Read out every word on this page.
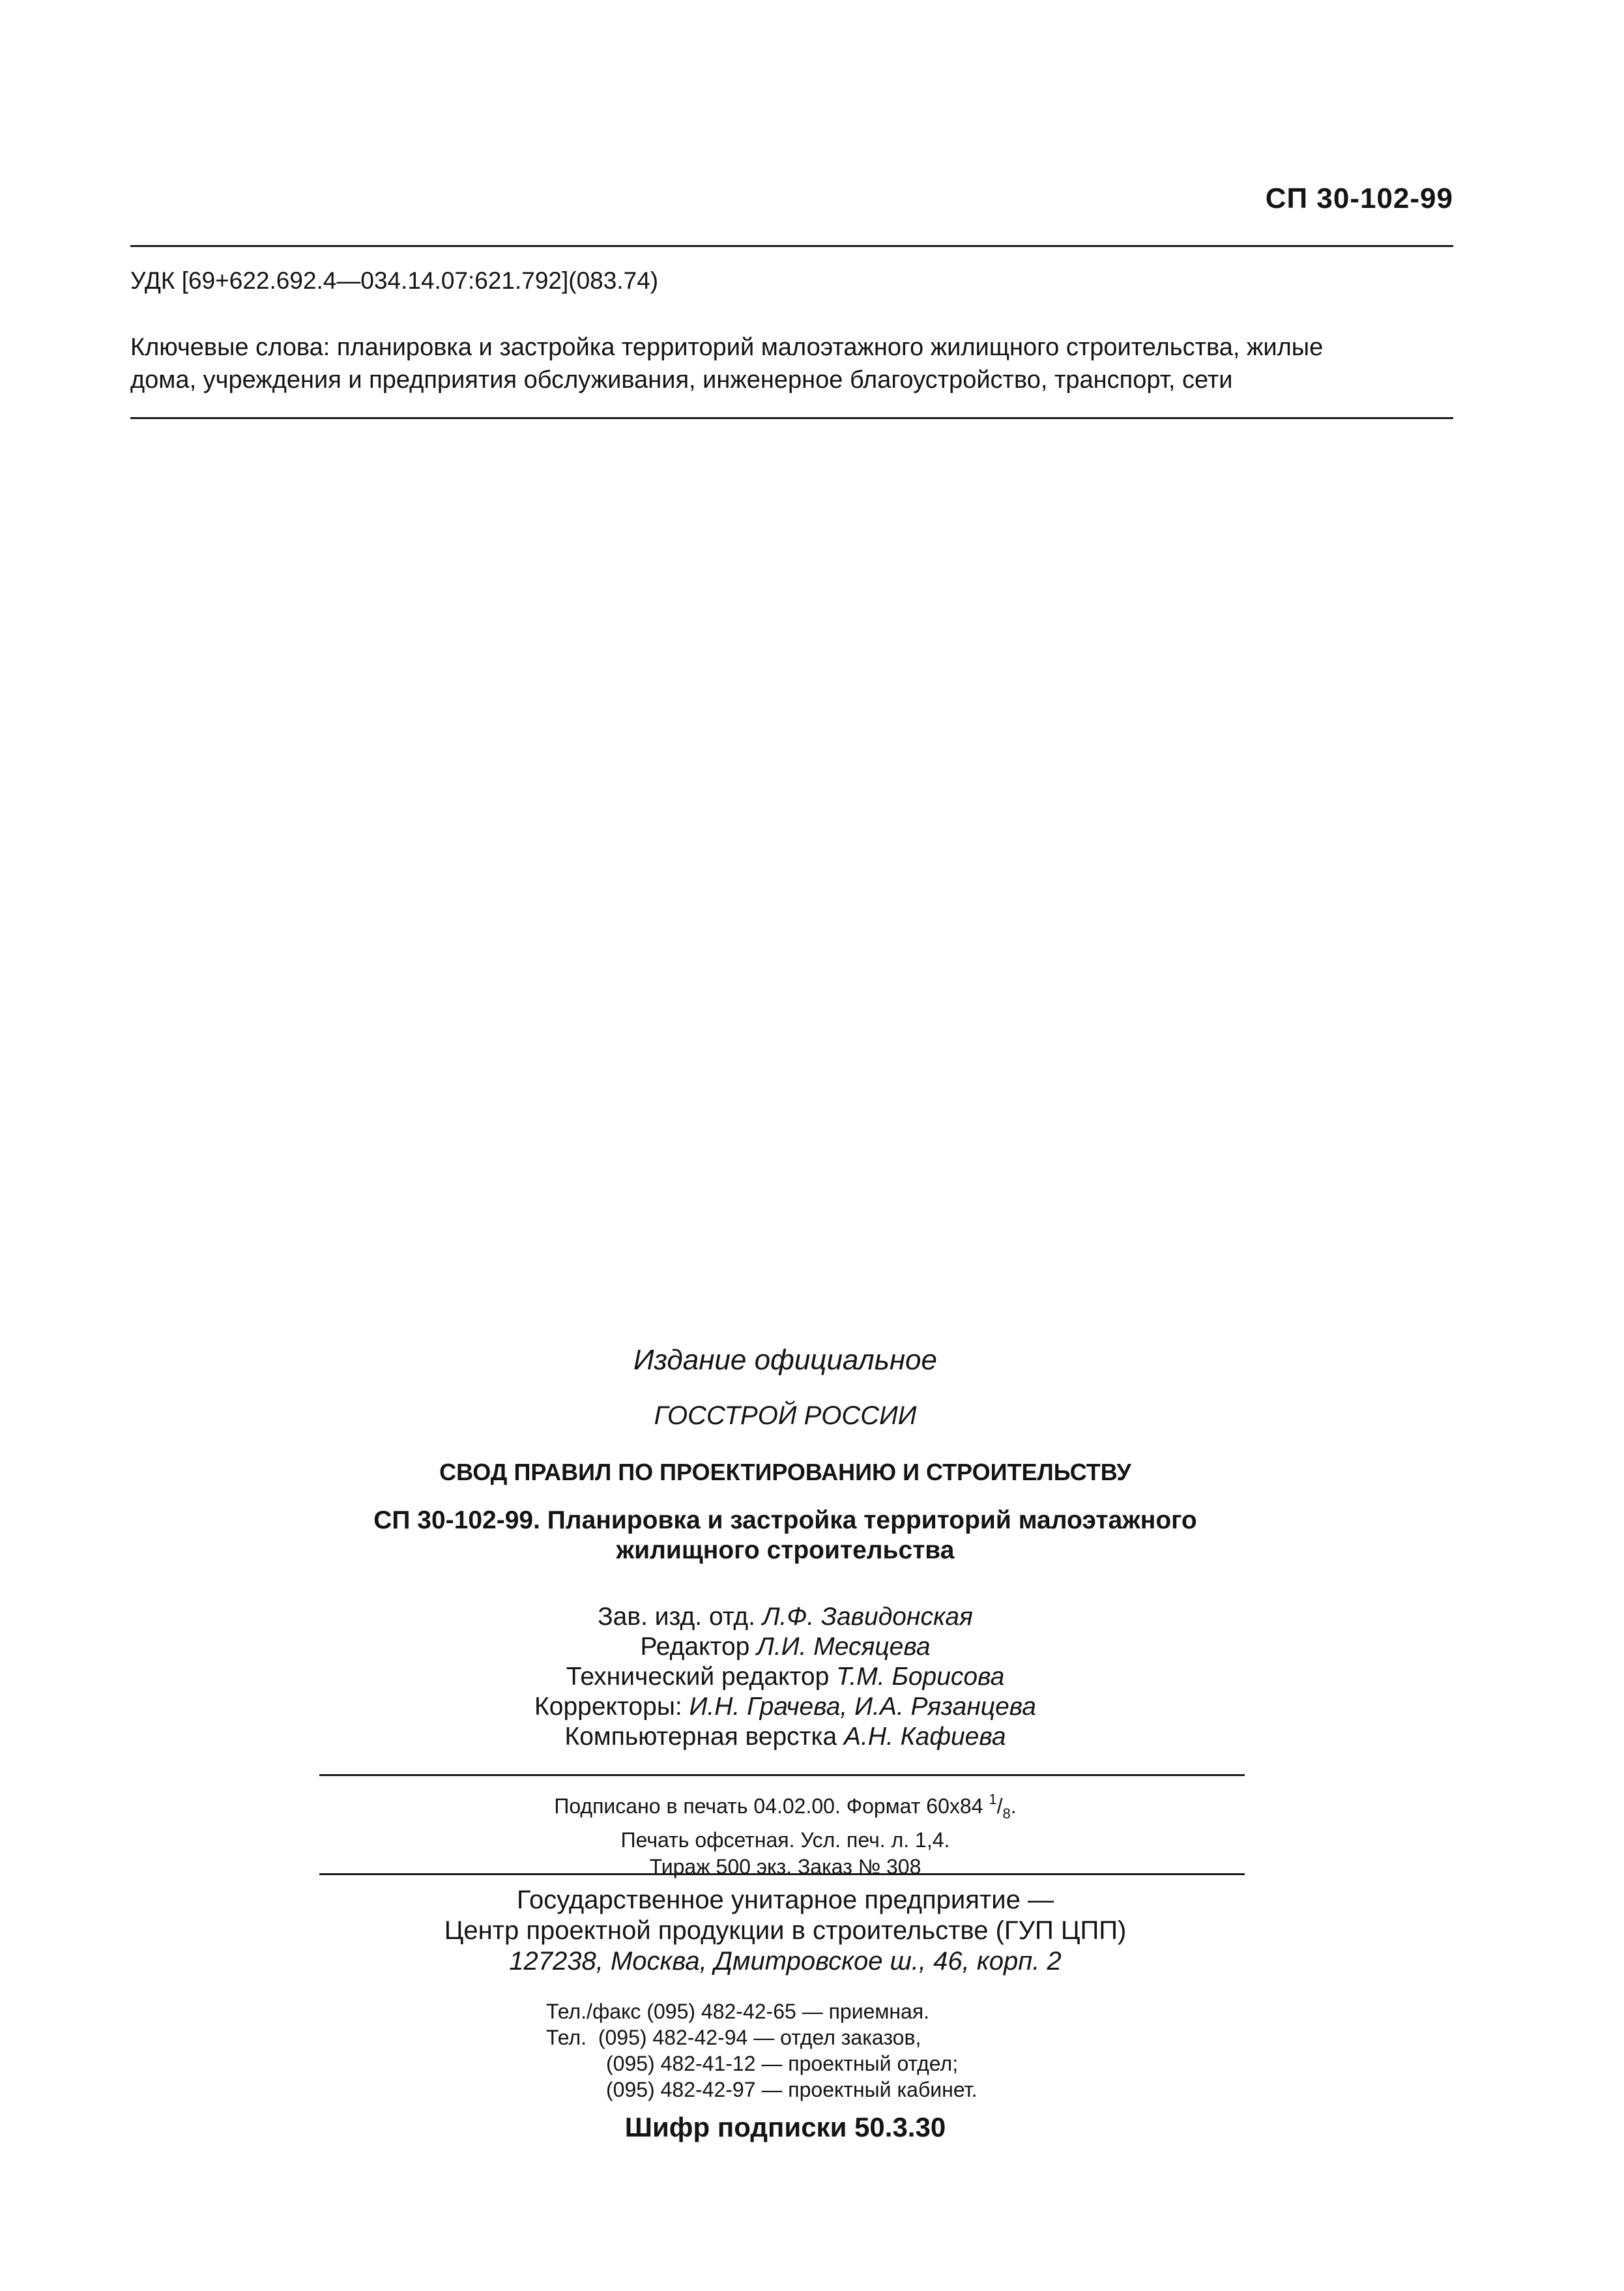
СП 30-102-99
УДК [69+622.692.4—034.14.07:621.792](083.74)
Ключевые слова: планировка и застройка территорий малоэтажного жилищного строительства, жилые
дома, учреждения и предприятия обслуживания, инженерное благоустройство, транспорт, сети
Издание официальное
ГОССТРОЙ РОССИИ
СВОД ПРАВИЛ ПО ПРОЕКТИРОВАНИЮ И СТРОИТЕЛЬСТВУ
СП 30-102-99. Планировка и застройка территорий малоэтажного
жилищного строительства
Зав. изд. отд. Л.Ф. Завидонская
Редактор Л.И. Месяцева
Технический редактор Т.М. Борисова
Корректоры: И.Н. Грачева, И.А. Рязанцева
Компьютерная верстка А.Н. Кафиева
Подписано в печать 04.02.00. Формат 60x84 $^1/_8$.
Печать офсетная. Усл. печ. л. 1,4.
Тираж 500 экз. Заказ № 308
Государственное унитарное предприятие —
Центр проектной продукции в строительстве (ГУП ЦПП)
127238, Москва, Дмитровское ш., 46, корп. 2
Тел./факс (095) 482-42-65 — приемная.
Тел.  (095) 482-42-94 — отдел заказов,
(095) 482-41-12 — проектный отдел;
(095) 482-42-97 — проектный кабинет.
Шифр подписки 50.3.30
